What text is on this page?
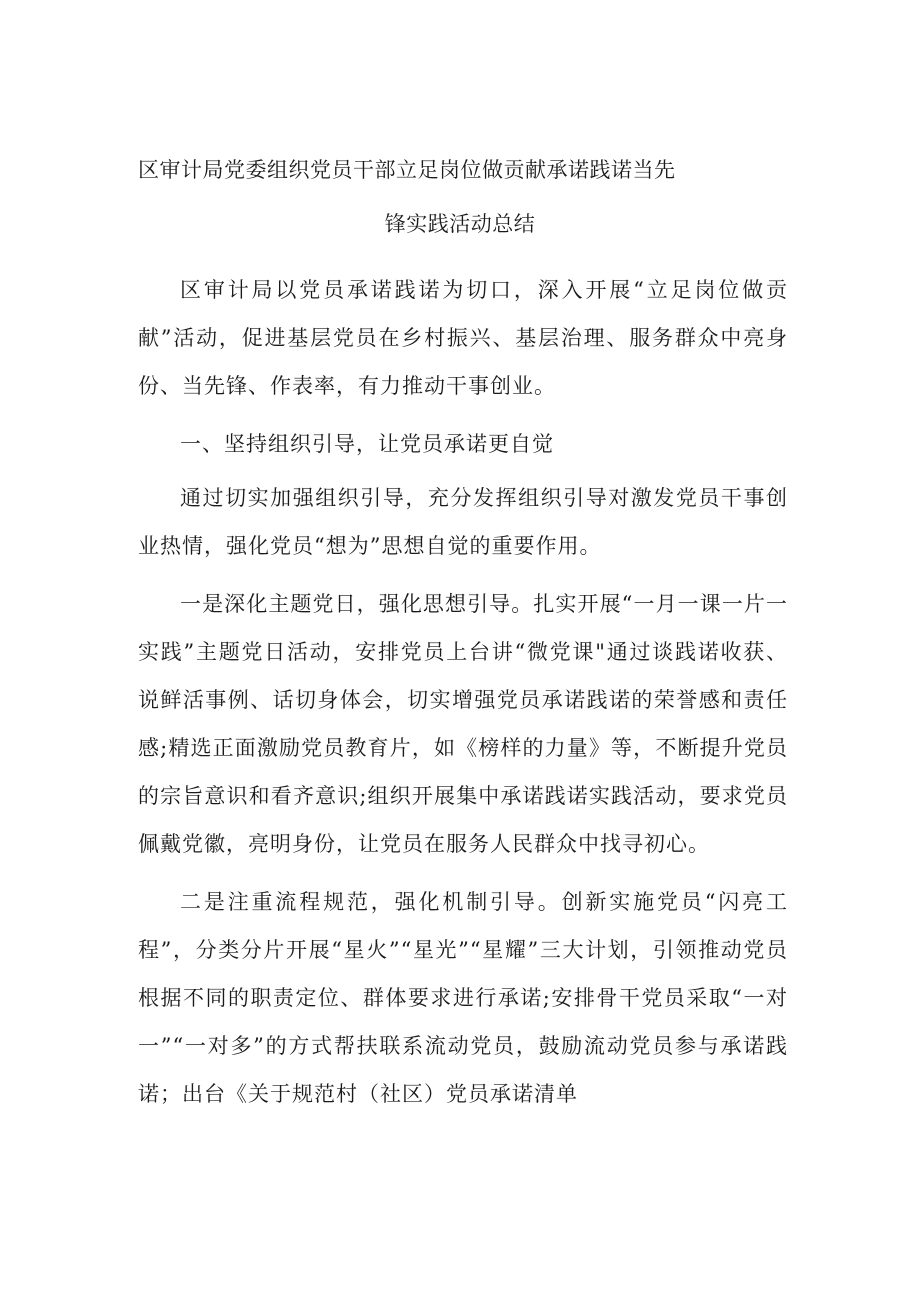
区审计局党委组织党员干部立足岗位做贡献承诺践诺当先

锋实践活动总结

区审计局以党员承诺践诺为切口，深入开展“立足岗位做贡献”活动，促进基层党员在乡村振兴、基层治理、服务群众中亮身份、当先锋、作表率，有力推动干事创业。

一、坚持组织引导，让党员承诺更自觉

通过切实加强组织引导，充分发挥组织引导对激发党员干事创业热情，强化党员“想为”思想自觉的重要作用。

一是深化主题党日，强化思想引导。扎实开展“一月一课一片一实践”主题党日活动，安排党员上台讲“微党课"通过谈践诺收获、说鲜活事例、话切身体会，切实增强党员承诺践诺的荣誉感和责任感;精选正面激励党员教育片，如《榜样的力量》等，不断提升党员的宗旨意识和看齐意识;组织开展集中承诺践诺实践活动，要求党员佩戴党徽，亮明身份，让党员在服务人民群众中找寻初心。

二是注重流程规范，强化机制引导。创新实施党员“闪亮工程”，分类分片开展“星火”“星光”“星耀”三大计划，引领推动党员根据不同的职责定位、群体要求进行承诺;安排骨干党员采取“一对一”“一对多”的方式帮扶联系流动党员，鼓励流动党员参与承诺践诺；出台《关于规范村（社区）党员承诺清单
